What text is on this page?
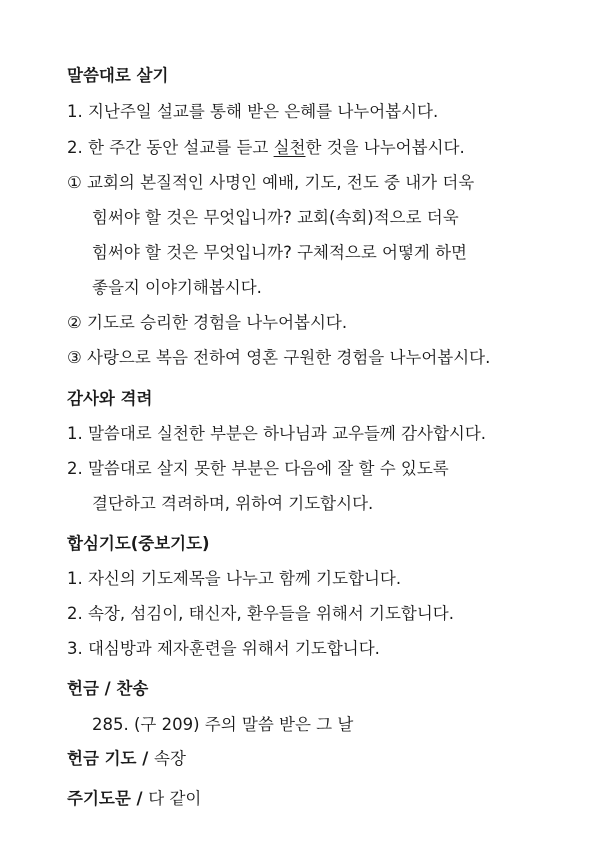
말씀대로 살기
1. 지난주일 설교를 통해 받은 은혜를 나누어봅시다.
2. 한 주간 동안 설교를 듣고 실천한 것을 나누어봅시다.
① 교회의 본질적인 사명인 예배, 기도, 전도 중 내가 더욱
힘써야 할 것은 무엇입니까? 교회(속회)적으로 더욱
힘써야 할 것은 무엇입니까? 구체적으로 어떻게 하면
좋을지 이야기해봅시다.
② 기도로 승리한 경험을 나누어봅시다.
③ 사랑으로 복음 전하여 영혼 구원한 경험을 나누어봅시다.
감사와 격려
1. 말씀대로 실천한 부분은 하나님과 교우들께 감사합시다.
2. 말씀대로 살지 못한 부분은 다음에 잘 할 수 있도록
결단하고 격려하며, 위하여 기도합시다.
합심기도(중보기도)
1. 자신의 기도제목을 나누고 함께 기도합니다.
2. 속장, 섬김이, 태신자, 환우들을 위해서 기도합니다.
3. 대심방과 제자훈련을 위해서 기도합니다.
헌금 / 찬송
285. (구 209) 주의 말씀 받은 그 날
헌금 기도 / 속장
주기도문 / 다 같이
